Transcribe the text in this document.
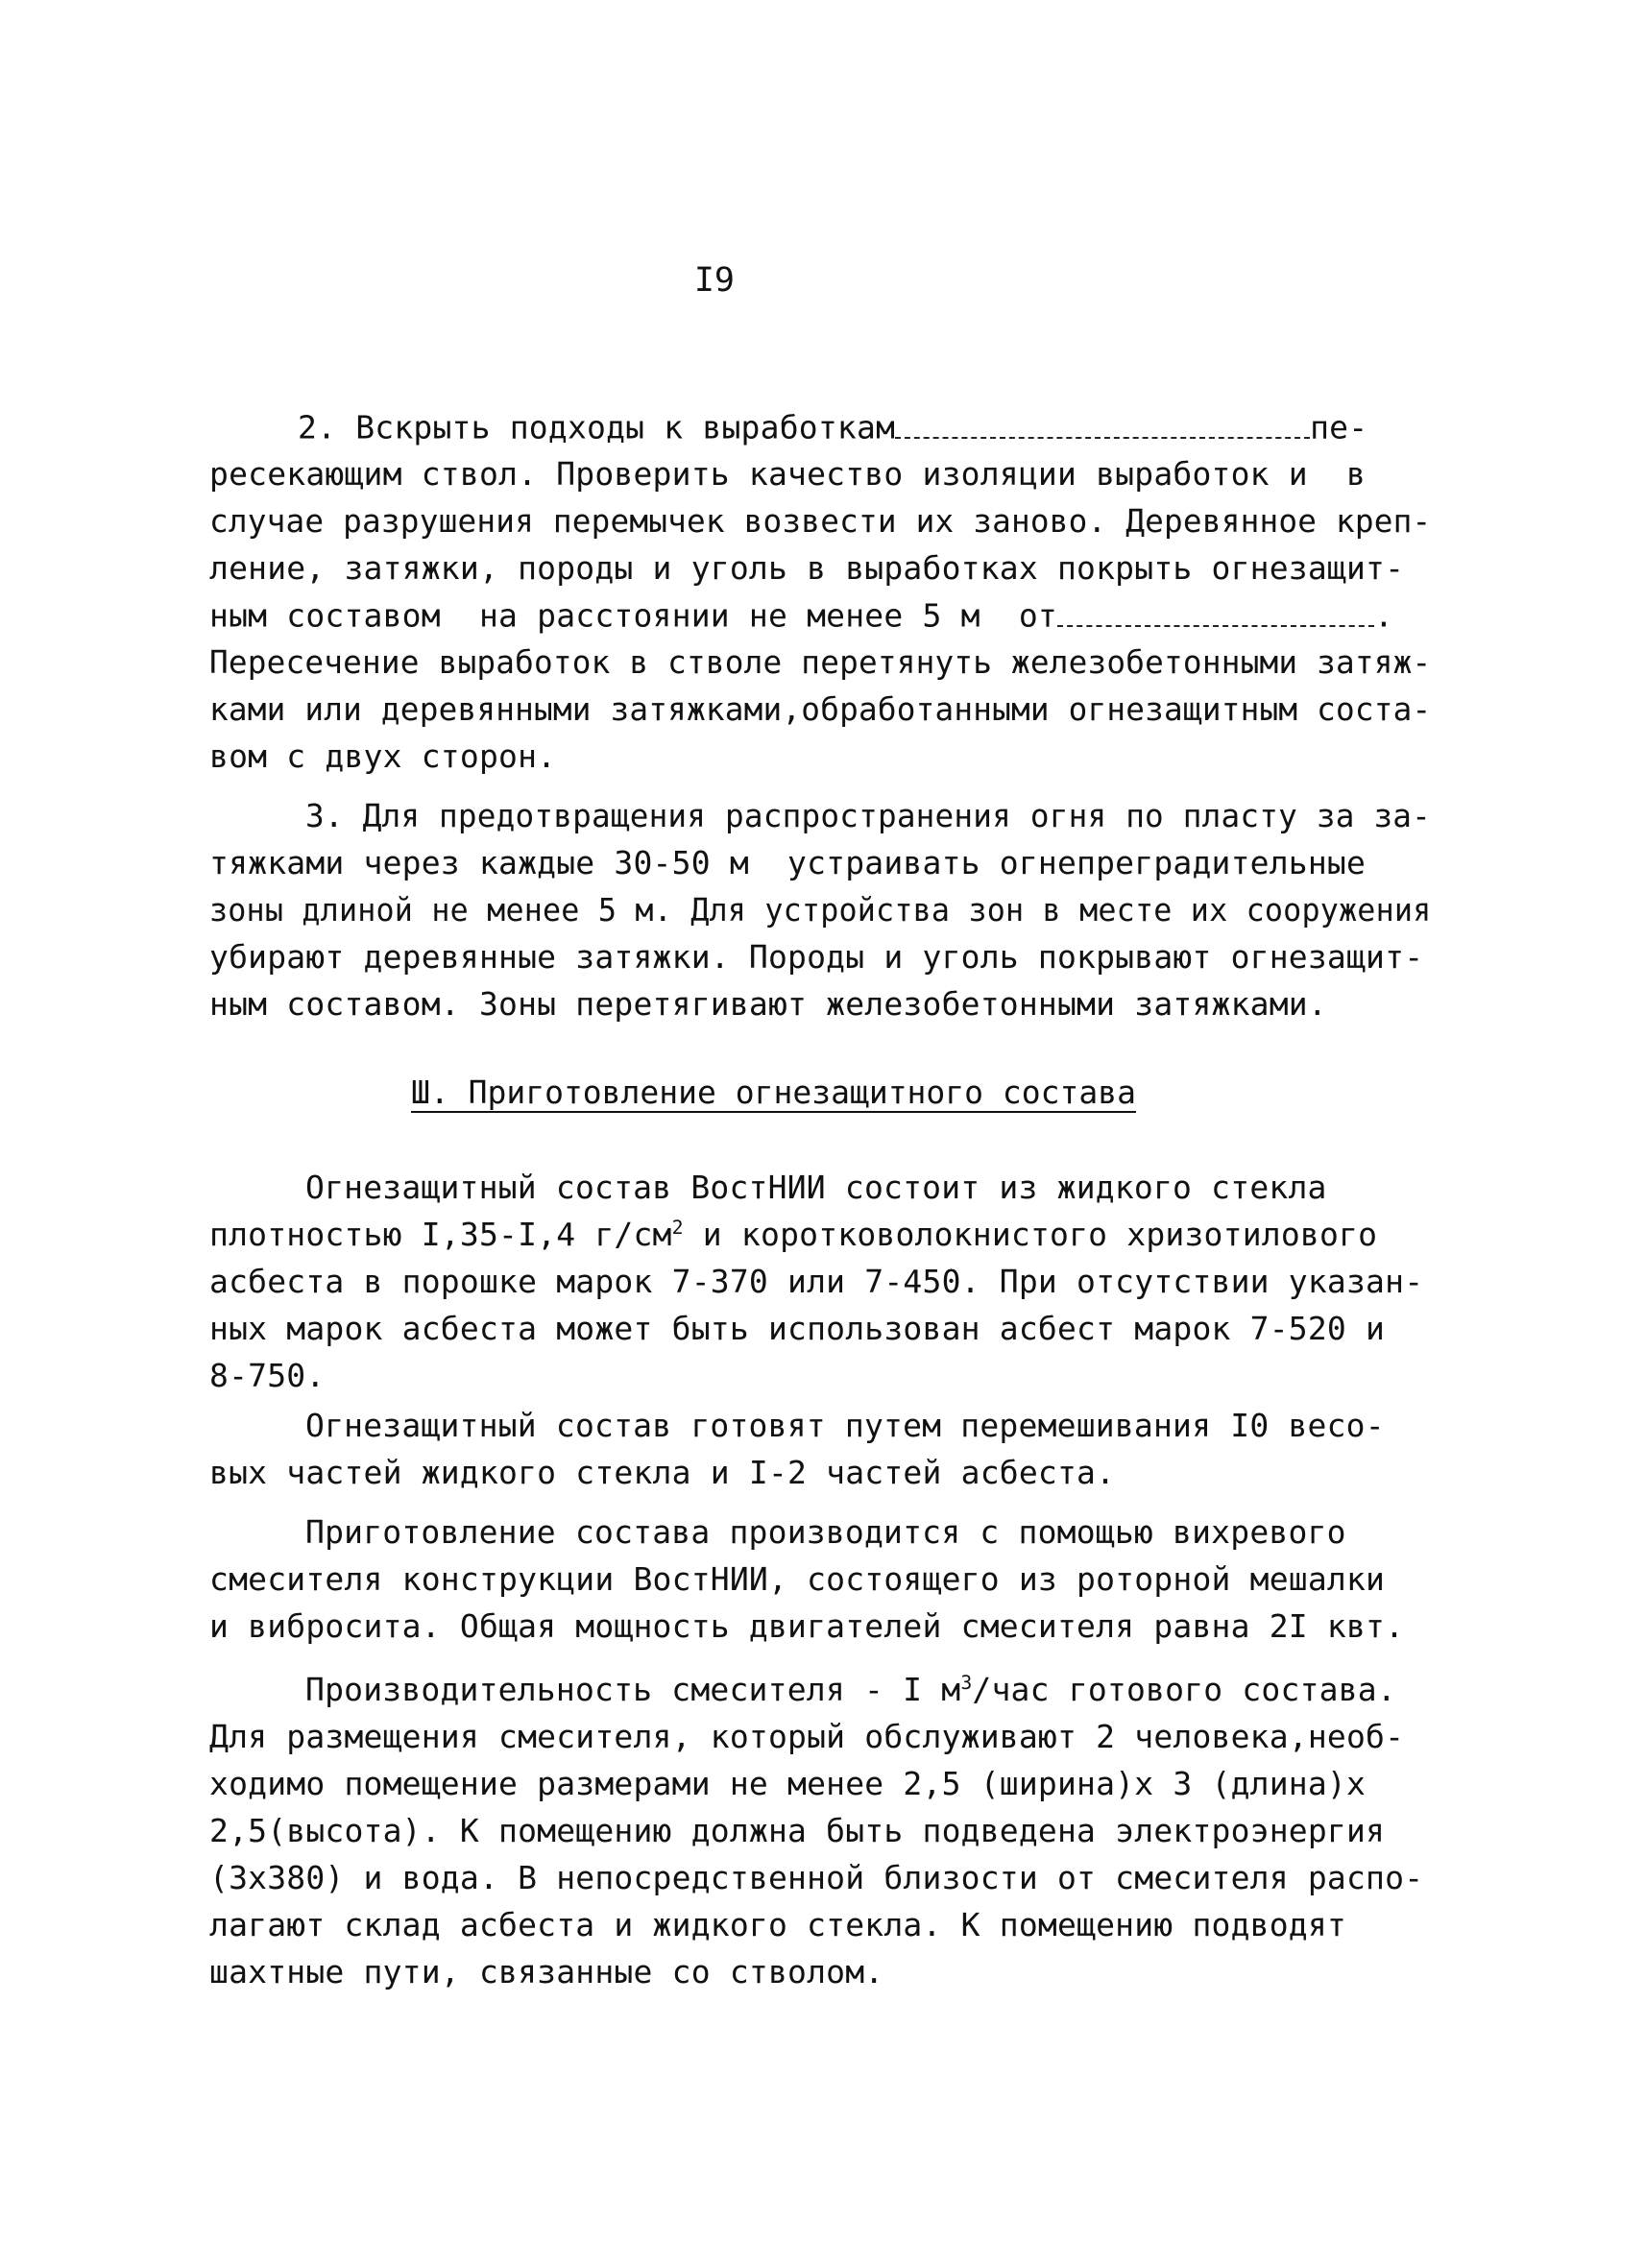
I9
2. Вскрыть подходы к выработкам	пе-
ресекающим ствол. Проверить качество изоляции выработок и  в
случае разрушения перемычек возвести их заново. Деревянное креп-
ление, затяжки, породы и уголь в выработках покрыть огнезащит-
ным составом  на расстоянии не менее 5 м  от	.
Пересечение выработок в стволе перетянуть железобетонными затяж-
ками или деревянными затяжками,обработанными огнезащитным соста-
вом с двух сторон.
3. Для предотвращения распространения огня по пласту за за-
тяжками через каждые 30-50 м  устраивать огнепреградительные
зоны длиной не менее 5 м. Для устройства зон в месте их сооружения
убирают деревянные затяжки. Породы и уголь покрывают огнезащит-
ным составом. Зоны перетягивают железобетонными затяжками.
Ш. Приготовление огнезащитного состава
Огнезащитный состав ВостНИИ состоит из жидкого стекла
плотностью I,35-I,4 $г/см^2$ и коротковолокнистого хризотилового
асбеста в порошке марок 7-370 или 7-450. При отсутствии указан-
ных марок асбеста может быть использован асбест марок 7-520 и
8-750.
Огнезащитный состав готовят путем перемешивания I0 весо-
вых частей жидкого стекла и I-2 частей асбеста.
Приготовление состава производится с помощью вихревого
смесителя конструкции ВостНИИ, состоящего из роторной мешалки
и вибросита. Общая мощность двигателей смесителя равна 2I квт.
Производительность смесителя - I $м^3$/час готового состава.
Для размещения смесителя, который обслуживают 2 человека,необ-
ходимо помещение размерами не менее 2,5 (ширина)x 3 (длина)x
2,5(высота). К помещению должна быть подведена электроэнергия
(3x380) и вода. В непосредственной близости от смесителя распо-
лагают склад асбеста и жидкого стекла. К помещению подводят
шахтные пути, связанные со стволом.
